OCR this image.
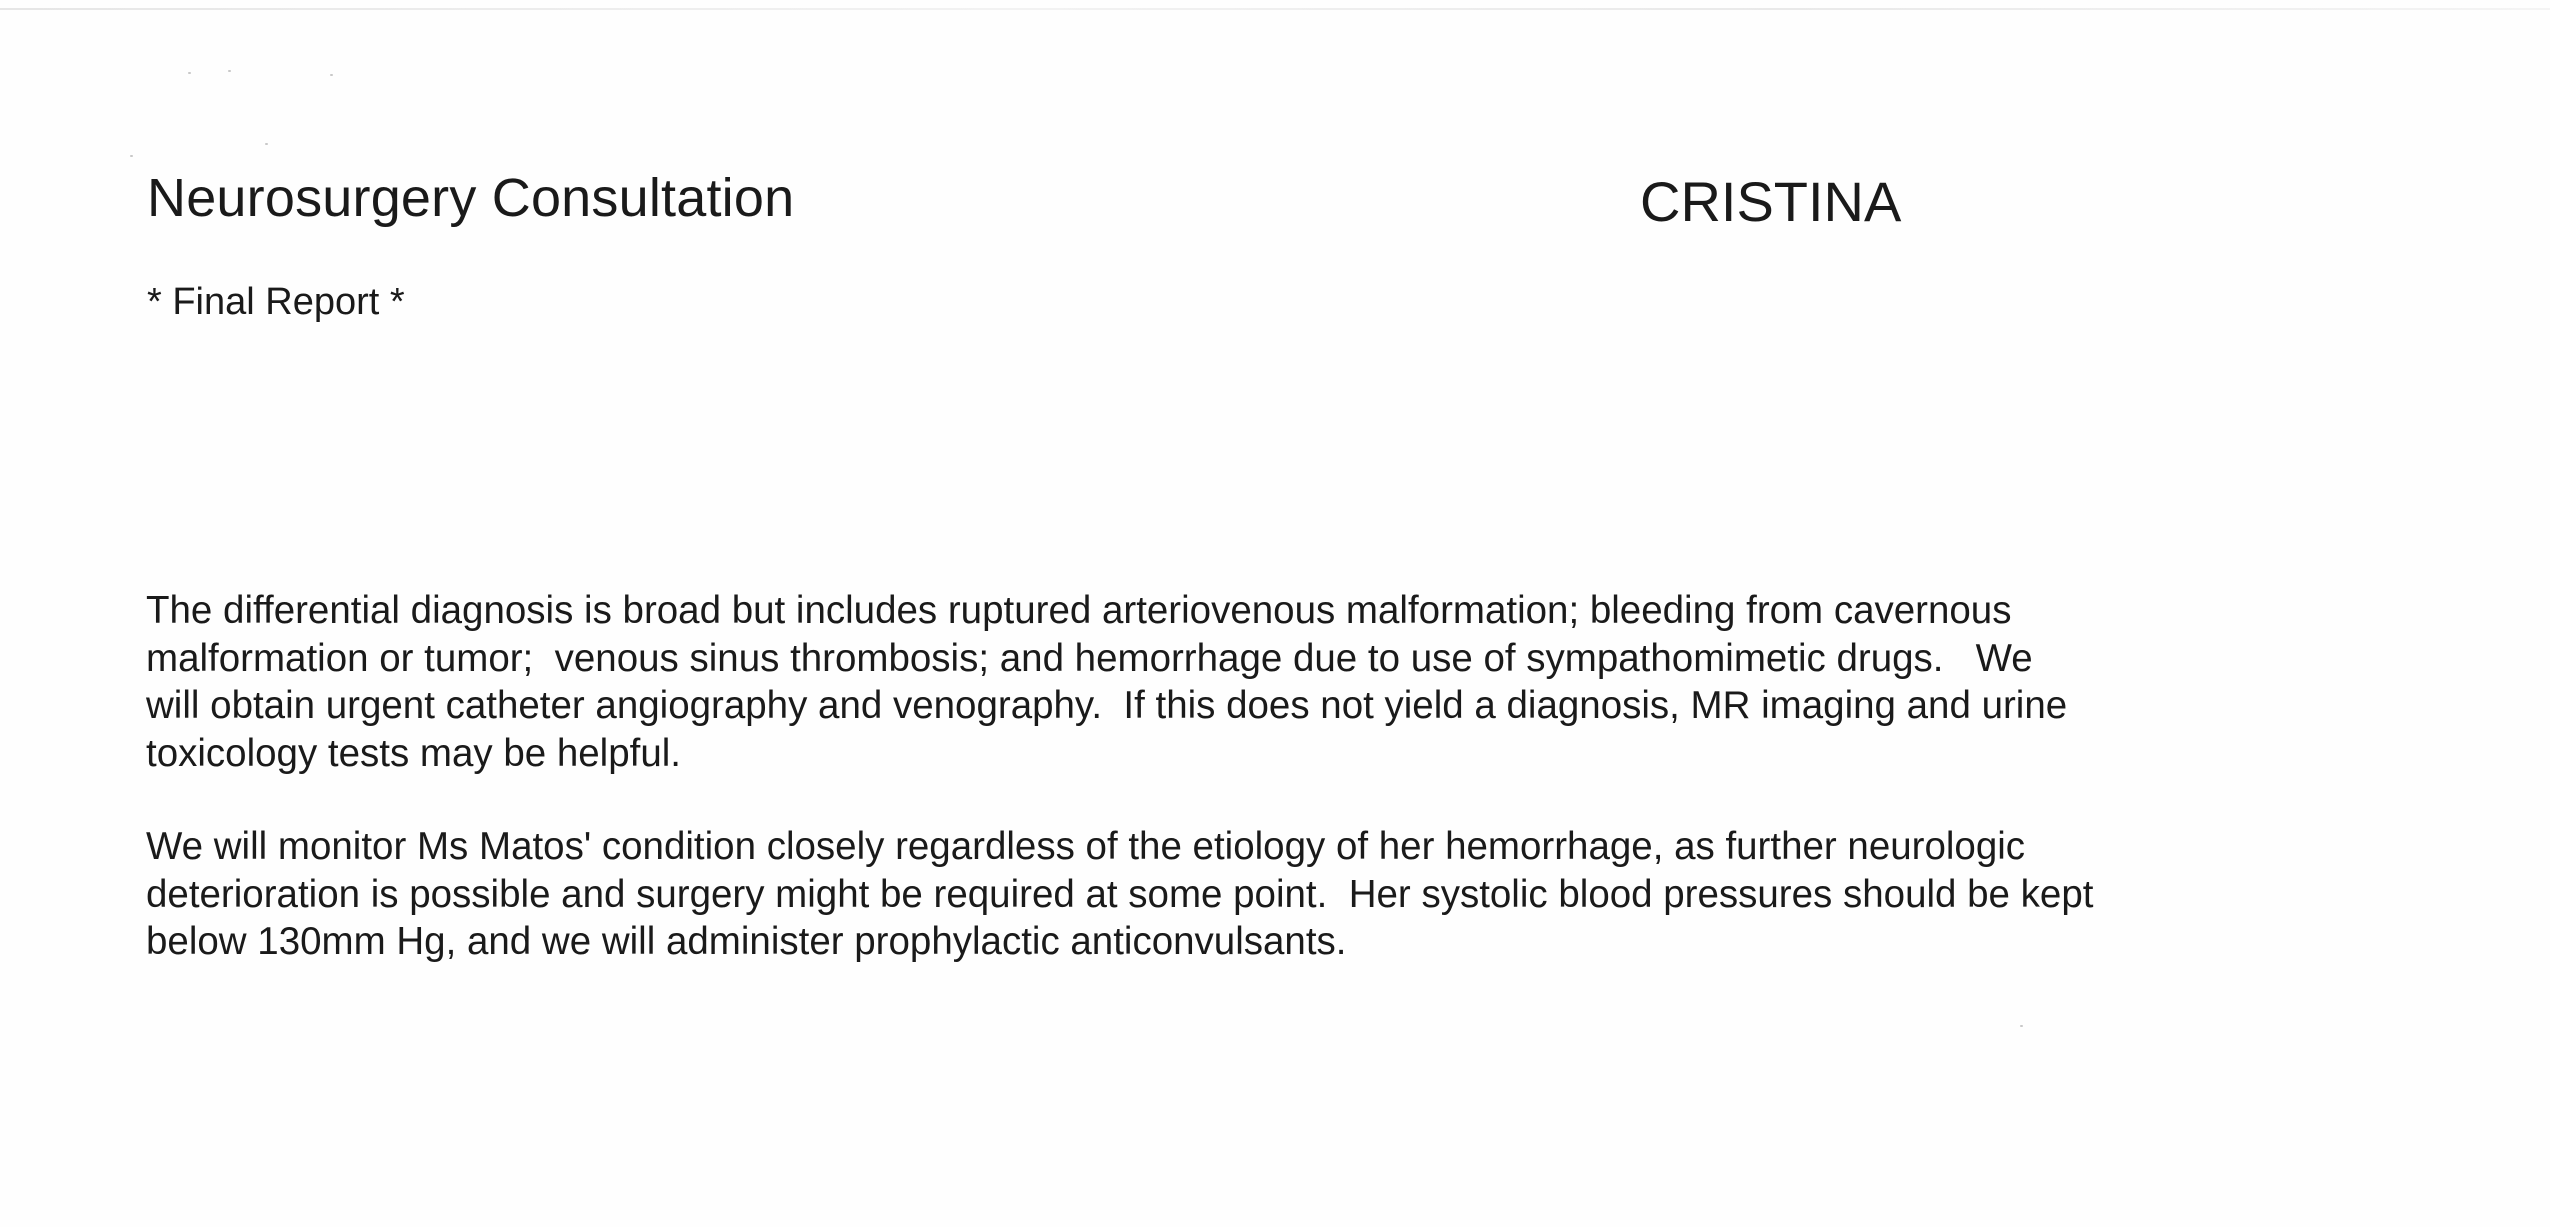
Neurosurgery Consultation	CRISTINA

* Final Report *

The differential diagnosis is broad but includes ruptured arteriovenous malformation; bleeding from cavernous
malformation or tumor;  venous sinus thrombosis; and hemorrhage due to use of sympathomimetic drugs.   We
will obtain urgent catheter angiography and venography.  If this does not yield a diagnosis, MR imaging and urine
toxicology tests may be helpful.

We will monitor Ms Matos' condition closely regardless of the etiology of her hemorrhage, as further neurologic
deterioration is possible and surgery might be required at some point.  Her systolic blood pressures should be kept
below 130mm Hg, and we will administer prophylactic anticonvulsants.
